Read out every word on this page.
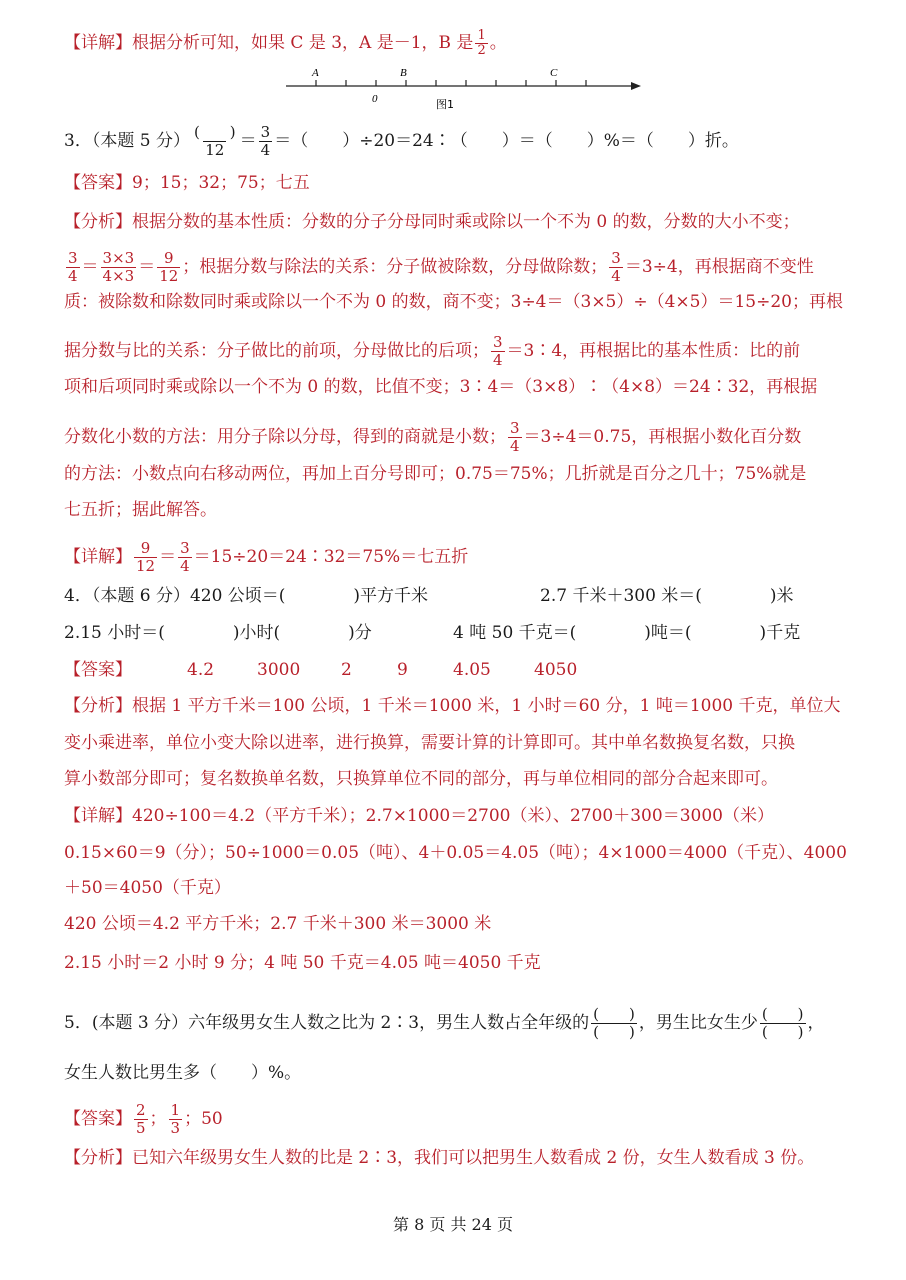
【详解】根据分析可知，如果 C 是 3，A 是－1，B 是 $\frac{1}{2}$ 。
A	B	C
0	图1
3．（本题 5 分） $\frac{( )}{12} = \frac{3}{4}$ ＝（　　）÷20＝24∶（　　）＝（　　）%＝（　　）折。
【答案】9；15；32；75；七五
【分析】根据分数的基本性质：分数的分子分母同时乘或除以一个不为 0 的数，分数的大小不变；
$\frac{3}{4} = \frac{3\times 3}{4\times 3} = \frac{9}{12}$ ；根据分数与除法的关系：分子做被除数，分母做除数； $\frac{3}{4} =3\div 4$，再根据商不变性
质：被除数和除数同时乘或除以一个不为 0 的数，商不变；3÷4＝（3×5）÷（4×5）＝15÷20；再根
据分数与比的关系：分子做比的前项，分母做比的后项； $\frac{3}{4}$ ＝3∶4，再根据比的基本性质：比的前
项和后项同时乘或除以一个不为 0 的数，比值不变；3∶4＝（3×8）∶（4×8）＝24∶32，再根据
分数化小数的方法：用分子除以分母，得到的商就是小数； $\frac{3}{4} =3\div 4=0.75$，再根据小数化百分数
的方法：小数点向右移动两位，再加上百分号即可；0.75＝75%；几折就是百分之几十；75%就是
七五折；据此解答。
【详解】 $\frac{9}{12} = \frac{3}{4}$ ＝15÷20＝24∶32＝75%＝七五折
4．（本题 6 分）420 公顷＝(　　　　)平方千米	2.7 千米＋300 米＝(　　　　)米
2.15 小时＝(　　　　)小时(　　　　)分	4 吨 50 千克＝(　　　　)吨＝(　　　　)千克
【答案】	4.2	3000 2	9	4.05	4050
【分析】根据 1 平方千米＝100 公顷，1 千米＝1000 米，1 小时＝60 分，1 吨＝1000 千克，单位大
变小乘进率，单位小变大除以进率，进行换算，需要计算的计算即可。其中单名数换复名数，只换
算小数部分即可；复名数换单名数，只换算单位不同的部分，再与单位相同的部分合起来即可。
【详解】420÷100＝4.2（平方千米）；2.7×1000＝2700（米）、2700＋300＝3000（米）
0.15×60＝9（分）；50÷1000＝0.05（吨）、4＋0.05＝4.05（吨）；4×1000＝4000（千克）、4000
＋50＝4050（千克）
420 公顷＝4.2 平方千米；2.7 千米＋300 米＝3000 米
2.15 小时＝2 小时 9 分；4 吨 50 千克＝4.05 吨＝4050 千克
5．(本题 3 分）六年级男女生人数之比为 2∶3，男生人数占全年级的 $\frac{( )}{( )}$ ，男生比女生少 $\frac{( )}{( )}$ ，
女生人数比男生多（　　）%。
【答案】 $\frac{2}{5}$ ； $\frac{1}{3}$ ；50
【分析】已知六年级男女生人数的比是 2∶3，我们可以把男生人数看成 2 份，女生人数看成 3 份。
第 8 页 共 24 页
